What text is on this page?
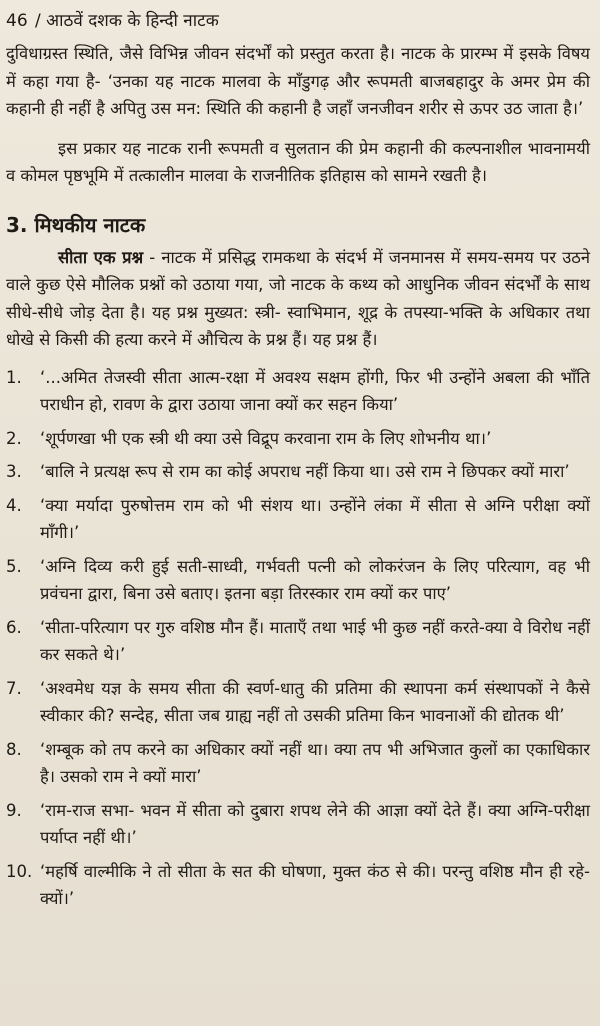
46 / आठवें दशक के हिन्दी नाटक

दुविधाग्रस्त स्थिति, जैसे विभिन्न जीवन संदर्भों को प्रस्तुत करता है। नाटक के प्रारम्भ में इसके विषय में कहा गया है- ‘उनका यह नाटक मालवा के माँडुगढ़ और रूपमती बाजबहादुर के अमर प्रेम की कहानी ही नहीं है अपितु उस मन: स्थिति की कहानी है जहाँ जनजीवन शरीर से ऊपर उठ जाता है।’

इस प्रकार यह नाटक रानी रूपमती व सुलतान की प्रेम कहानी की कल्पनाशील भावनामयी व कोमल पृष्ठभूमि में तत्कालीन मालवा के राजनीतिक इतिहास को सामने रखती है।

3. मिथकीय नाटक

सीता एक प्रश्न - नाटक में प्रसिद्ध रामकथा के संदर्भ में जनमानस में समय-समय पर उठने वाले कुछ ऐसे मौलिक प्रश्नों को उठाया गया, जो नाटक के कथ्य को आधुनिक जीवन संदर्भों के साथ सीधे-सीधे जोड़ देता है। यह प्रश्न मुख्यत: स्त्री- स्वाभिमान, शूद्र के तपस्या-भक्ति के अधिकार तथा धोखे से किसी की हत्या करने में औचित्य के प्रश्न हैं। यह प्रश्न हैं।

1.	‘...अमित तेजस्वी सीता आत्म-रक्षा में अवश्य सक्षम होंगी, फिर भी उन्होंने अबला की भाँति पराधीन हो, रावण के द्वारा उठाया जाना क्यों कर सहन किया’
2.	‘शूर्पणखा भी एक स्त्री थी क्या उसे विद्रूप करवाना राम के लिए शोभनीय था।’
3.	‘बालि ने प्रत्यक्ष रूप से राम का कोई अपराध नहीं किया था। उसे राम ने छिपकर क्यों मारा’
4.	‘क्या मर्यादा पुरुषोत्तम राम को भी संशय था। उन्होंने लंका में सीता से अग्नि परीक्षा क्यों माँगी।’
5.	‘अग्नि दिव्य करी हुई सती-साध्वी, गर्भवती पत्नी को लोकरंजन के लिए परित्याग, वह भी प्रवंचना द्वारा, बिना उसे बताए। इतना बड़ा तिरस्कार राम क्यों कर पाए’
6.	‘सीता-परित्याग पर गुरु वशिष्ठ मौन हैं। माताएँ तथा भाई भी कुछ नहीं करते-क्या वे विरोध नहीं कर सकते थे।’
7.	‘अश्वमेध यज्ञ के समय सीता की स्वर्ण-धातु की प्रतिमा की स्थापना कर्म संस्थापकों ने कैसे स्वीकार की? सन्देह, सीता जब ग्राह्य नहीं तो उसकी प्रतिमा किन भावनाओं की द्योतक थी’
8.	‘शम्बूक को तप करने का अधिकार क्यों नहीं था। क्या तप भी अभिजात कुलों का एकाधिकार है। उसको राम ने क्यों मारा’
9.	‘राम-राज सभा- भवन में सीता को दुबारा शपथ लेने की आज्ञा क्यों देते हैं। क्या अग्नि-परीक्षा पर्याप्त नहीं थी।’
10. ‘महर्षि वाल्मीकि ने तो सीता के सत की घोषणा, मुक्त कंठ से की। परन्तु वशिष्ठ मौन ही रहे-क्यों।’
